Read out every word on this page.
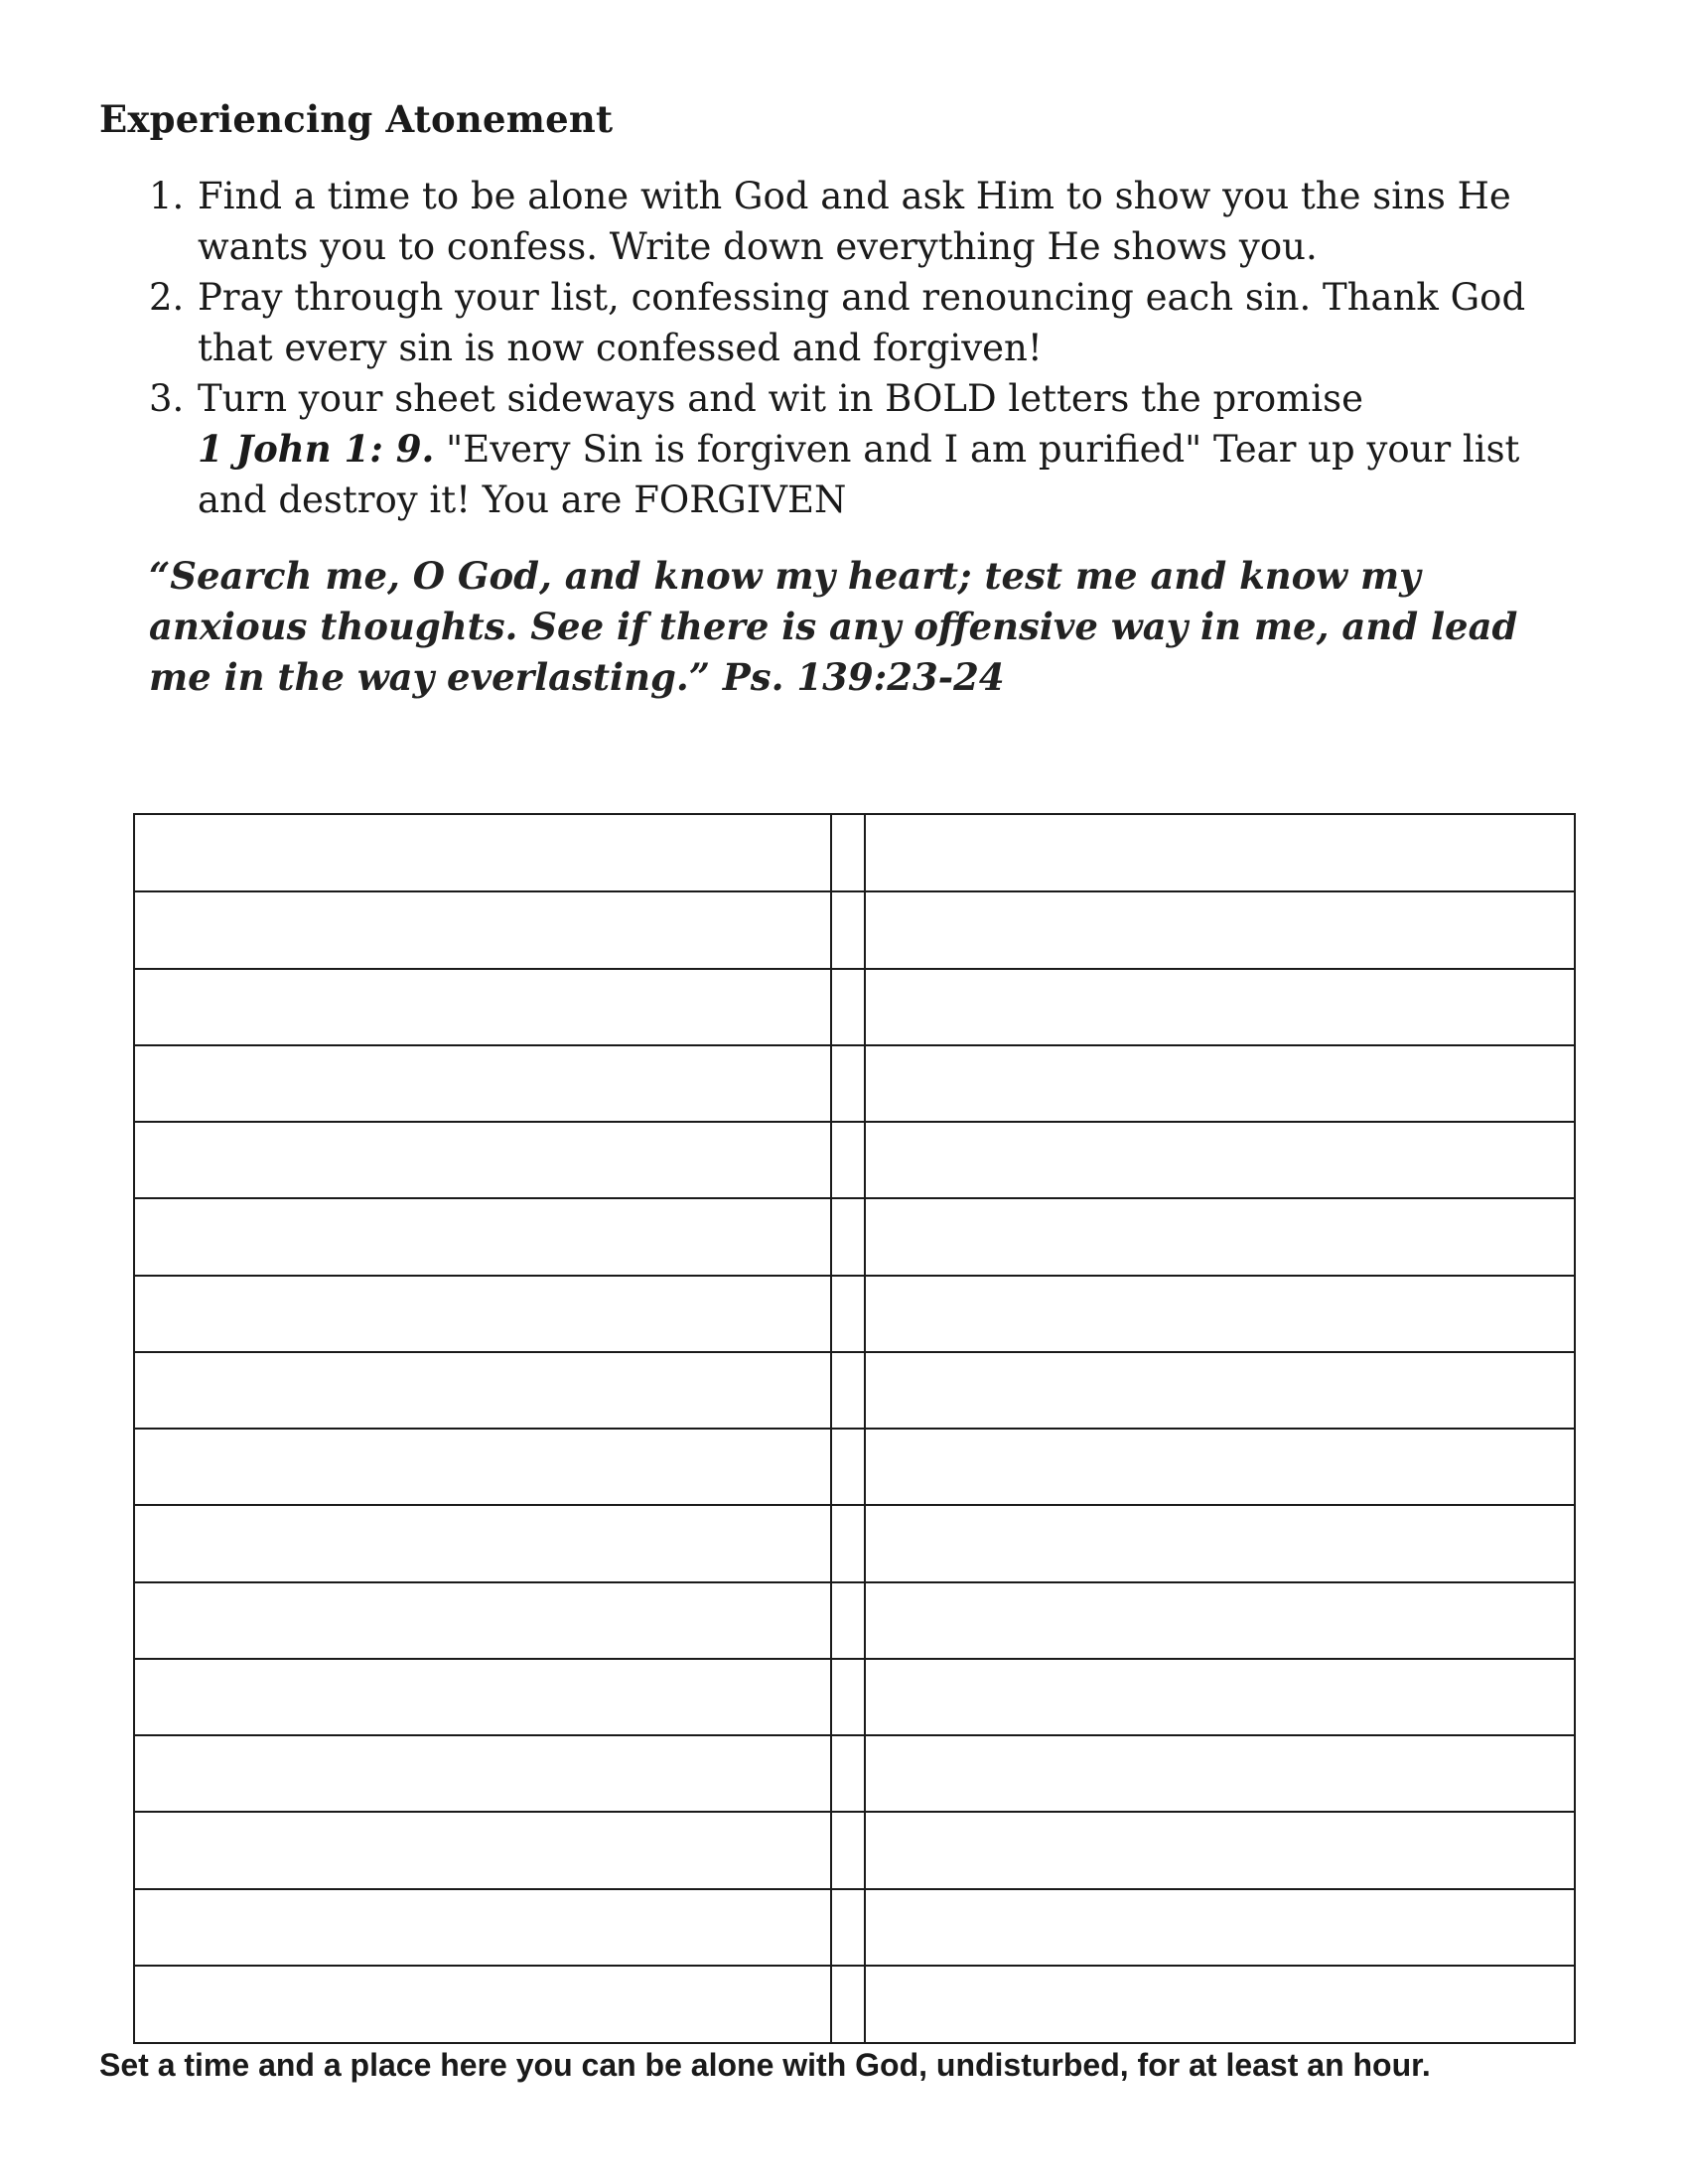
Experiencing Atonement
1. Find a time to be alone with God and ask Him to show you the sins He wants you to confess. Write down everything He shows you.
2. Pray through your list, confessing and renouncing each sin. Thank God that every sin is now confessed and forgiven!
3. Turn your sheet sideways and wit in BOLD letters the promise
1 John 1: 9. "Every Sin is forgiven and I am purified" Tear up your list and destroy it! You are FORGIVEN

“Search me, O God, and know my heart; test me and know my anxious thoughts. See if there is any offensive way in me, and lead me in the way everlasting.” Ps. 139:23-24

Set a time and a place here you can be alone with God, undisturbed, for at least an hour.
